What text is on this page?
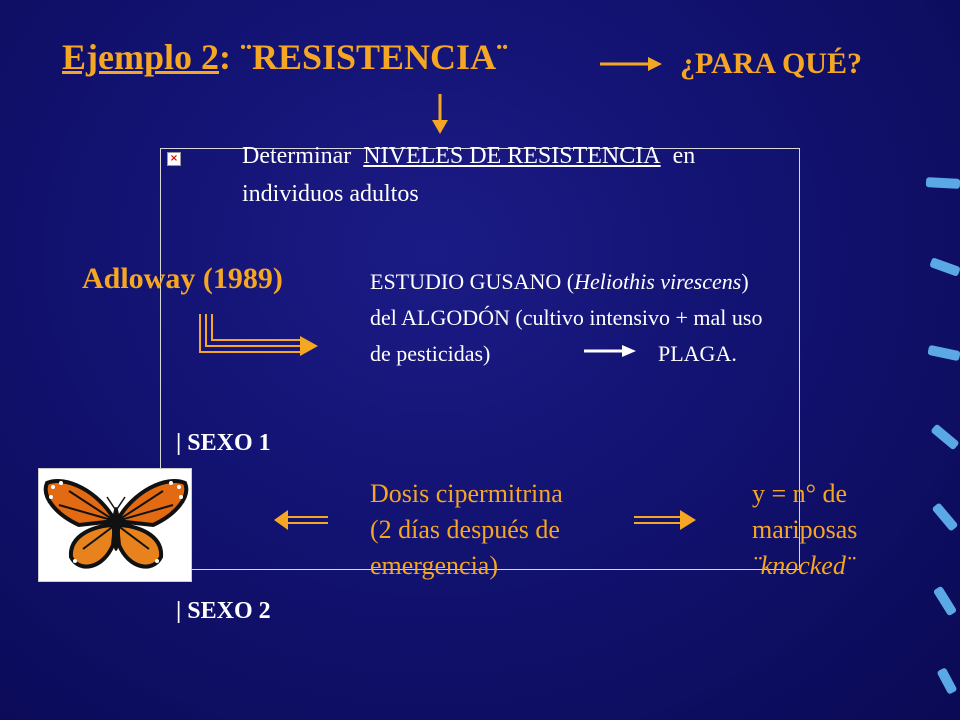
Ejemplo 2: ¨RESISTENCIA¨	¿PARA QUÉ?
×	Determinar NIVELES DE RESISTENCIA en
individuos adultos
Adloway (1989)	ESTUDIO GUSANO (Heliothis virescens)
del ALGODÓN (cultivo intensivo + mal uso
de pesticidas)	PLAGA.
| SEXO 1
| SEXO 2
Dosis cipermitrina
(2 días después de
emergencia)
y = n° de
mariposas
¨knocked¨
